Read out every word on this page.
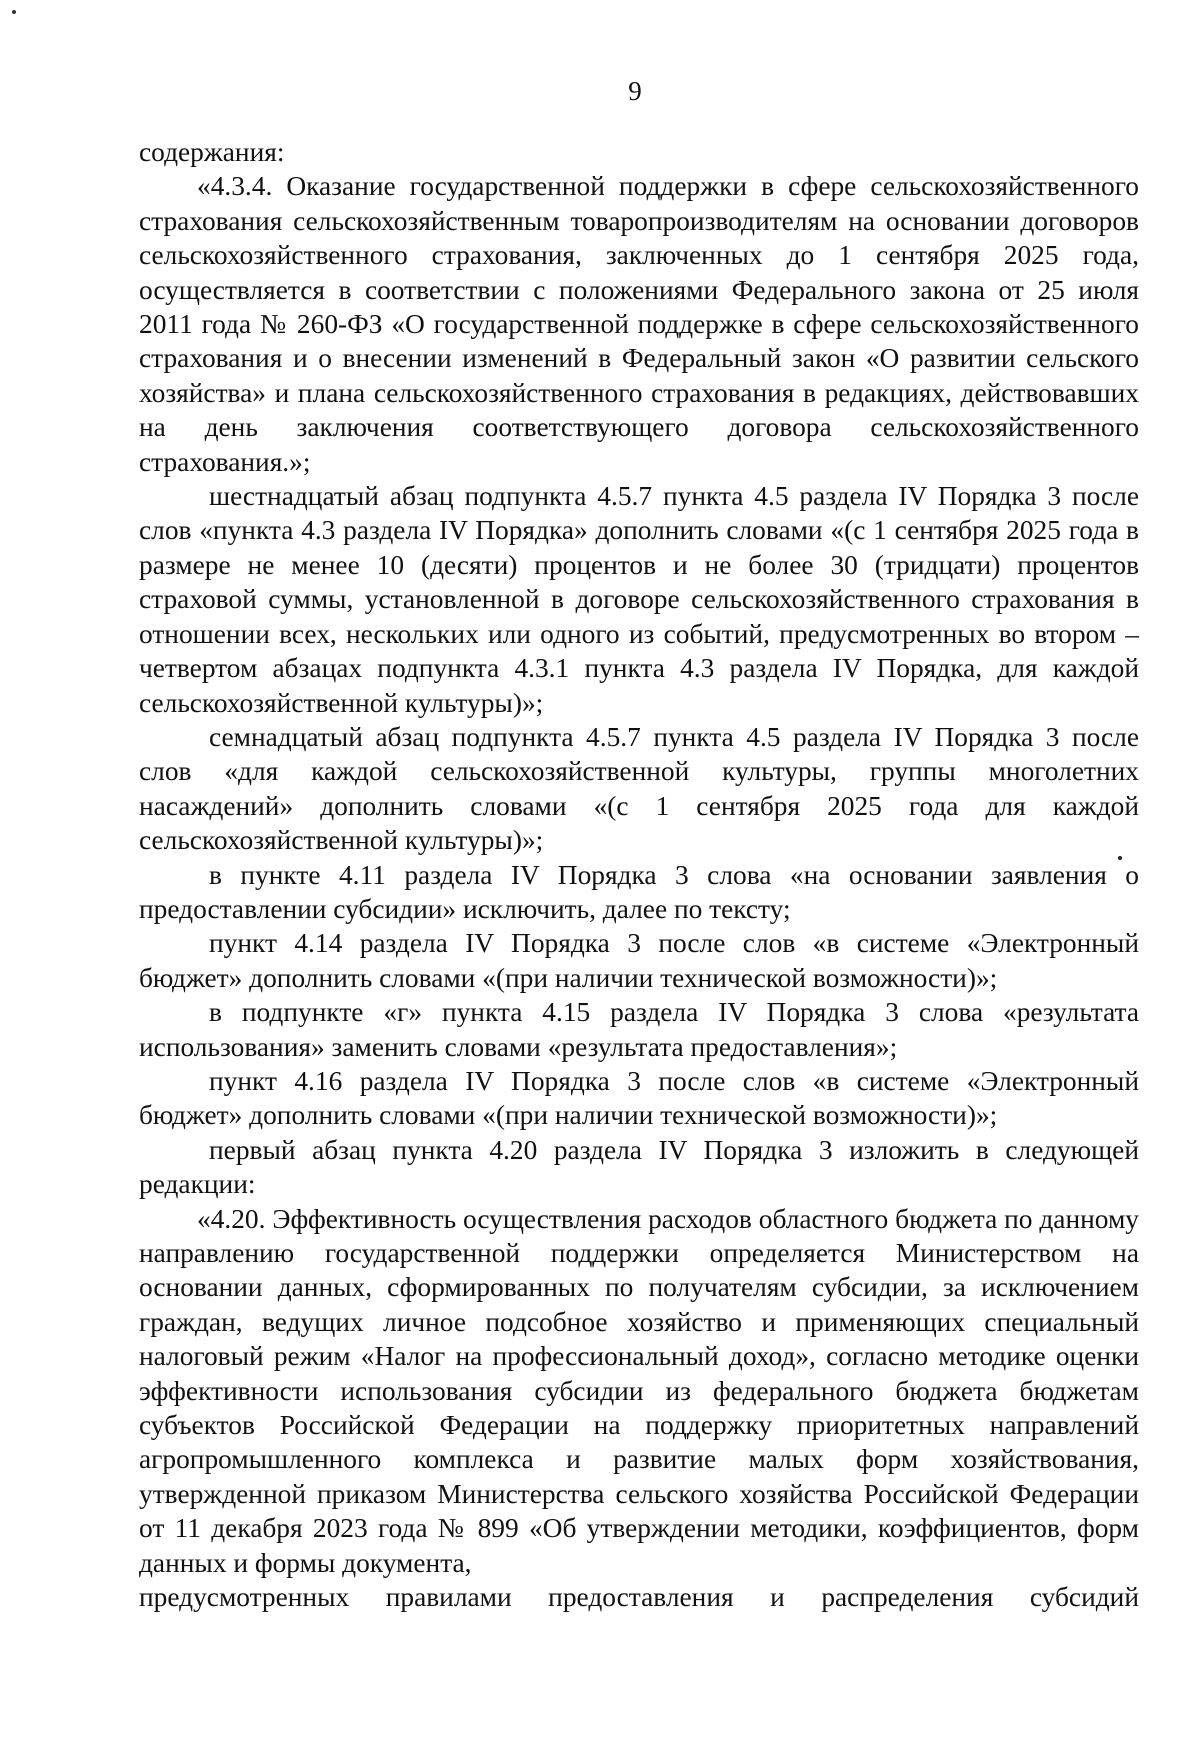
9

содержания:

«4.3.4. Оказание государственной поддержки в сфере сельскохозяйственного страхования сельскохозяйственным товаропроизводителям на основании договоров сельскохозяйственного страхования, заключенных до 1 сентября 2025 года, осуществляется в соответствии с положениями Федерального закона от 25 июля 2011 года № 260-ФЗ «О государственной поддержке в сфере сельскохозяйственного страхования и о внесении изменений в Федеральный закон «О развитии сельского хозяйства» и плана сельскохозяйственного страхования в редакциях, действовавших на день заключения соответствующего договора сельскохозяйственного страхования.»;

шестнадцатый абзац подпункта 4.5.7 пункта 4.5 раздела IV Порядка 3 после слов «пункта 4.3 раздела IV Порядка» дополнить словами «(с 1 сентября 2025 года в размере не менее 10 (десяти) процентов и не более 30 (тридцати) процентов страховой суммы, установленной в договоре сельскохозяйственного страхования в отношении всех, нескольких или одного из событий, предусмотренных во втором – четвертом абзацах подпункта 4.3.1 пункта 4.3 раздела IV Порядка, для каждой сельскохозяйственной культуры)»;

семнадцатый абзац подпункта 4.5.7 пункта 4.5 раздела IV Порядка 3 после слов «для каждой сельскохозяйственной культуры, группы многолетних насаждений» дополнить словами «(с 1 сентября 2025 года для каждой сельскохозяйственной культуры)»;

в пункте 4.11 раздела IV Порядка 3 слова «на основании заявления о предоставлении субсидии» исключить, далее по тексту;

пункт 4.14 раздела IV Порядка 3 после слов «в системе «Электронный бюджет» дополнить словами «(при наличии технической возможности)»;

в подпункте «г» пункта 4.15 раздела IV Порядка 3 слова «результата использования» заменить словами «результата предоставления»;

пункт 4.16 раздела IV Порядка 3 после слов «в системе «Электронный бюджет» дополнить словами «(при наличии технической возможности)»;

первый абзац пункта 4.20 раздела IV Порядка 3 изложить в следующей редакции:

«4.20. Эффективность осуществления расходов областного бюджета по данному направлению государственной поддержки определяется Министерством на основании данных, сформированных по получателям субсидии, за исключением граждан, ведущих личное подсобное хозяйство и применяющих специальный налоговый режим «Налог на профессиональный доход», согласно методике оценки эффективности использования субсидии из федерального бюджета бюджетам субъектов Российской Федерации на поддержку приоритетных направлений агропромышленного комплекса и развитие малых форм хозяйствования, утвержденной приказом Министерства сельского хозяйства Российской Федерации от 11 декабря 2023 года № 899 «Об утверждении методики, коэффициентов, форм данных и формы документа,

предусмотренных правилами предоставления и распределения субсидий
